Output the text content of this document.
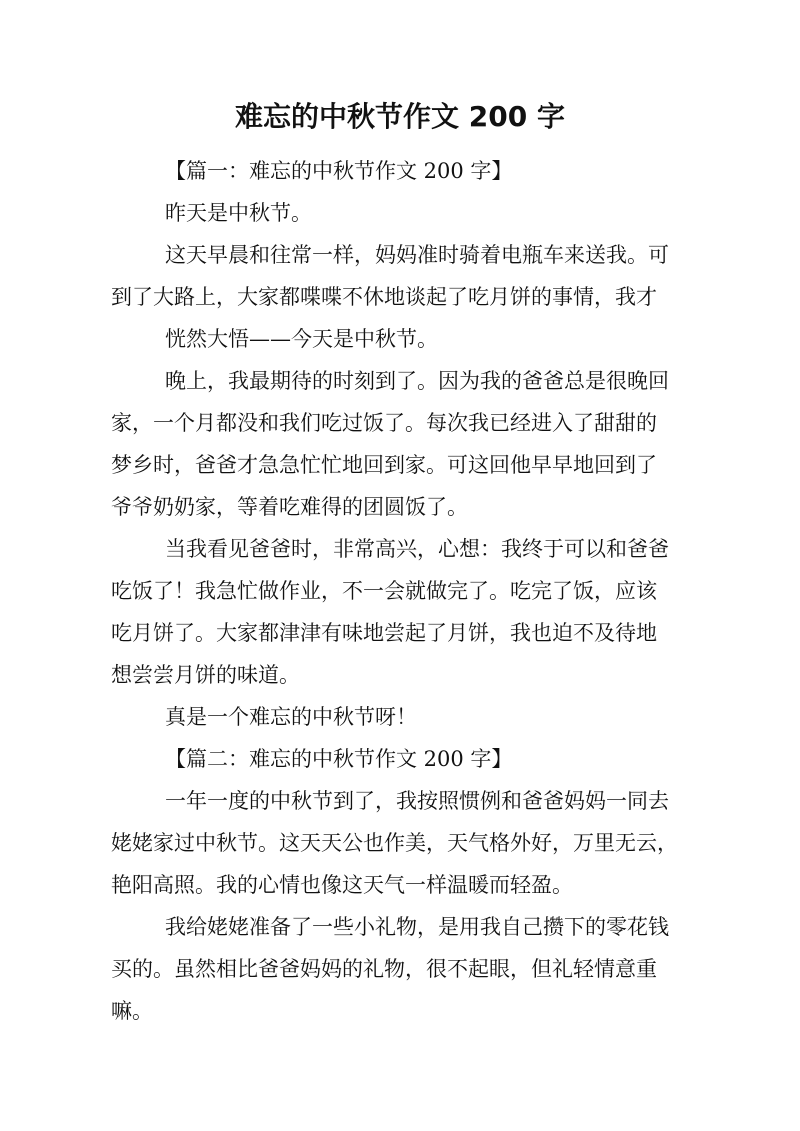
难忘的中秋节作文 200 字

【篇一：难忘的中秋节作文 200 字】

昨天是中秋节。

这天早晨和往常一样，妈妈准时骑着电瓶车来送我。可
到了大路上，大家都喋喋不休地谈起了吃月饼的事情，我才

恍然大悟——今天是中秋节。

晚上，我最期待的时刻到了。因为我的爸爸总是很晚回
家，一个月都没和我们吃过饭了。每次我已经进入了甜甜的
梦乡时，爸爸才急急忙忙地回到家。可这回他早早地回到了
爷爷奶奶家，等着吃难得的团圆饭了。

当我看见爸爸时，非常高兴，心想：我终于可以和爸爸
吃饭了！我急忙做作业，不一会就做完了。吃完了饭，应该
吃月饼了。大家都津津有味地尝起了月饼，我也迫不及待地
想尝尝月饼的味道。

真是一个难忘的中秋节呀！

【篇二：难忘的中秋节作文 200 字】

一年一度的中秋节到了，我按照惯例和爸爸妈妈一同去
姥姥家过中秋节。这天天公也作美，天气格外好，万里无云，
艳阳高照。我的心情也像这天气一样温暖而轻盈。

我给姥姥准备了一些小礼物，是用我自己攒下的零花钱
买的。虽然相比爸爸妈妈的礼物，很不起眼，但礼轻情意重
嘛。
